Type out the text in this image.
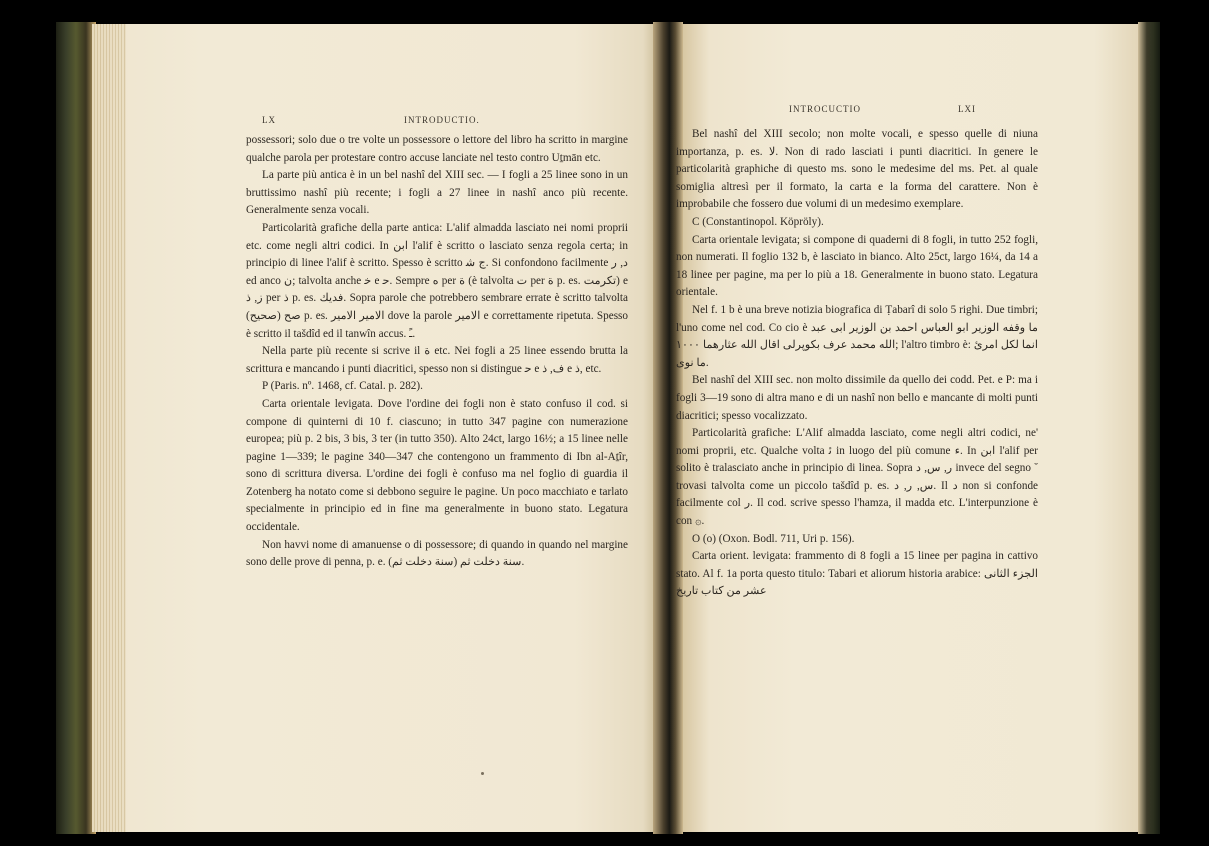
LX	INTRODUCTIO.

possessori; solo due o tre volte un possessore o lettore del libro ha scritto in margine qualche parola per protestare contro accuse lanciate nel testo contro Uṯmān etc.

La parte più antica è in un bel nashî del XIII sec. — I fogli a 25 linee sono in un bruttissimo nashî più recente; i fogli a 27 linee in nashî anco più recente. Generalmente senza vocali.

Particolarità grafiche della parte antica: L'alif almadda lasciato nei nomi proprii etc. come negli altri codici. In ابن l'alif è scritto o lasciato senza regola certa; in principio di linee l'alif è scritto. Spesso è scritto ج ﺷ. Si confondono facilmente د, ر ed anco ن; talvolta anche ﺧ e ﺣ. Sempre ﻩ per ة (è talvolta ت per ة p. es. تكرمت) e ﺯ, ﺫ per ﺫ p. es. ﻓﺪﻳﻚ. Sopra parole che potrebbero sembrare errate è scritto talvolta ﺻﺢ (ﺻﺤﻴﺢ) p. es. ﺍﻻﻣﻴﺮ ﺍﻻﻣﻴﺮ dove la parole ﺍﻻﻣﻴﺮ e correttamente ripetuta. Spesso è scritto il tašdîd ed il tanwîn accus. ـً.

Nella parte più recente si scrive il ة etc. Nei fogli a 25 linee essendo brutta la scrittura e mancando i punti diacritici, spesso non si distingue ﺣ e ﻑ, ﺫ e ﺫ, etc.

P (Paris. nº. 1468, cf. Catal. p. 282).

Carta orientale levigata. Dove l'ordine dei fogli non è stato confuso il cod. si compone di quinterni di 10 f. ciascuno; in tutto 347 pagine con numerazione europea; più p. 2 bis, 3 bis, 3 ter (in tutto 350). Alto 24ct, largo 16½; a 15 linee nelle pagine 1—339; le pagine 340—347 che contengono un frammento di Ibn al-Aṯîr, sono di scrittura diversa. L'ordine dei fogli è confuso ma nel foglio di guardia il Zotenberg ha notato come si debbono seguire le pagine. Un poco macchiato e tarlato specialmente in principio ed in fine ma generalmente in buono stato. Legatura occidentale.

Non havvi nome di amanuense o di possessore; di quando in quando nel margine sono delle prove di penna, p. e. ﺳﻨﺔ ﺩﺧﻠﺖ ﺛﻢ (ﺳﻨﺔ ﺩﺧﻠﺖ ﺛﻢ).

INTROCUCTIO	LXI

Bel nashî del XIII secolo; non molte vocali, e spesso quelle di niuna importanza, p. es. ﻻ. Non di rado lasciati i punti diacritici. In genere le particolarità graphiche di questo ms. sono le medesime del ms. Pet. al quale somiglia altresì per il formato, la carta e la forma del carattere. Non è improbabile che fossero due volumi di un medesimo exemplare.

C (Constantinopol. Köpröly).

Carta orientale levigata; si compone di quaderni di 8 fogli, in tutto 252 fogli, non numerati. Il foglio 132 b, è lasciato in bianco. Alto 25ct, largo 16¼, da 14 a 18 linee per pagine, ma per lo più a 18. Generalmente in buono stato. Legatura orientale.

Nel f. 1 b è una breve notizia biografica di Ṭabarî di solo 5 righi. Due timbri; l'uno come nel cod. Co cio è ﻣﺎ ﻭﻗﻔﻪ ﺍﻟﻮﺯﻳﺮ ﺍﺑﻮ ﺍﻟﻌﺒﺎﺱ ﺍﺣﻤﺪ ﺑﻦ ﺍﻟﻮﺯﻳﺮ ﺍﺑﻰ ﻋﺒﺪ ﺍﻟﻠﻪ ﻣﺤﻤﺪ ﻋﺮﻑ ﺑﻜﻮﭘﺮﻟﻰ ﺍﻗﺎﻝ ﺍﻟﻠﻪ ﻋﺜﺎﺭﻫﻤﺎ ١٠٠٠; l'altro timbro è: ﺍﻧﻤﺎ ﻟﻜﻞ ﺍﻣﺮﺉ ﻣﺎ ﻧﻮﻯ.

Bel nashî del XIII sec. non molto dissimile da quello dei codd. Pet. e P: ma i fogli 3—19 sono di altra mano e di un nashî non bello e mancante di molti punti diacritici; spesso vocalizzato.

Particolarità grafiche: L'Alif almadda lasciato, come negli altri codici, ne' nomi proprii, etc. Qualche volta ﺋ in luogo del più comune ﺀ. In ابن l'alif per solito è tralasciato anche in principio di linea. Sopra ر, س, د invece del segno ˘ trovasi talvolta come un piccolo tašdîd p. es. ﺱ, ﺭ, ﺩ. Il د non si confonde facilmente col ر. Il cod. scrive spesso l'hamza, il madda etc. L'interpunzione è con ۞.

O (o) (Oxon. Bodl. 711, Uri p. 156).

Carta orient. levigata: frammento di 8 fogli a 15 linee per pagina in cattivo stato. Al f. 1a porta questo titulo: Tabari et aliorum historia arabice: ﺍﻟﺠﺰﺀ ﺍﻟﺜﺎﻧﻰ ﻋﺸﺮ ﻣﻦ ﻛﺘﺎﺏ ﺗﺎﺭﻳﺦ
